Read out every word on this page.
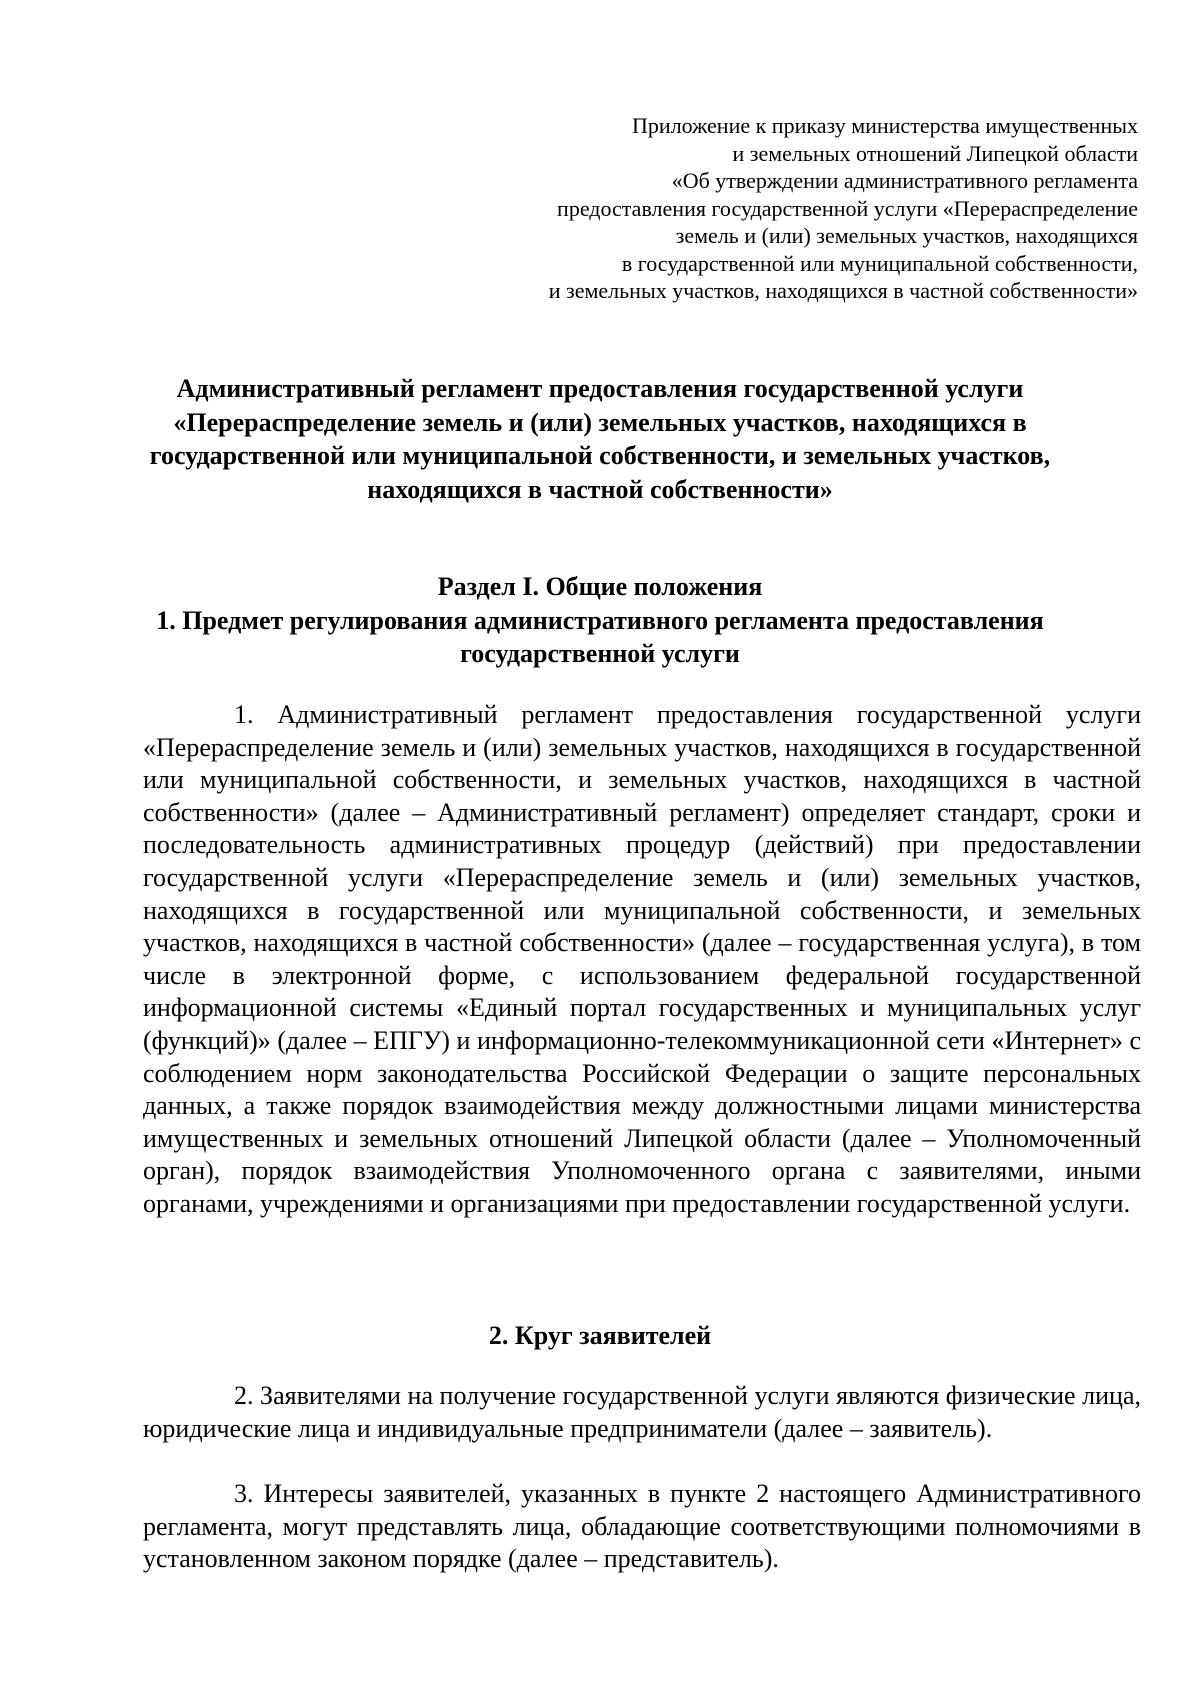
Приложение к приказу министерства имущественных
и земельных отношений Липецкой области
«Об утверждении административного регламента
предоставления государственной услуги «Перераспределение
земель и (или) земельных участков, находящихся
в государственной или муниципальной собственности,
и земельных участков, находящихся в частной собственности»
Административный регламент предоставления государственной услуги
«Перераспределение земель и (или) земельных участков, находящихся в
государственной или муниципальной собственности, и земельных участков,
находящихся в частной собственности»
Раздел I. Общие положения
1. Предмет регулирования административного регламента предоставления
государственной услуги

1. Административный регламент предоставления государственной услуги «Перераспределение земель и (или) земельных участков, находящихся в государственной или муниципальной собственности, и земельных участков, находящихся в частной собственности» (далее – Административный регламент) определяет стандарт, сроки и последовательность административных процедур (действий) при предоставлении государственной услуги «Перераспределение земель и (или) земельных участков, находящихся в государственной или муниципальной собственности, и земельных участков, находящихся в частной собственности» (далее – государственная услуга), в том числе в электронной форме, с использованием федеральной государственной информационной системы «Единый портал государственных и муниципальных услуг (функций)» (далее – ЕПГУ) и информационно-телекоммуникационной сети «Интернет» с соблюдением норм законодательства Российской Федерации о защите персональных данных, а также порядок взаимодействия между должностными лицами министерства имущественных и земельных отношений Липецкой области (далее – Уполномоченный орган), порядок взаимодействия Уполномоченного органа с заявителями, иными органами, учреждениями и организациями при предоставлении государственной услуги.

2. Круг заявителей

2. Заявителями на получение государственной услуги являются физические лица, юридические лица и индивидуальные предприниматели (далее – заявитель).

3. Интересы заявителей, указанных в пункте 2 настоящего Административного регламента, могут представлять лица, обладающие соответствующими полномочиями в установленном законом порядке (далее – представитель).
